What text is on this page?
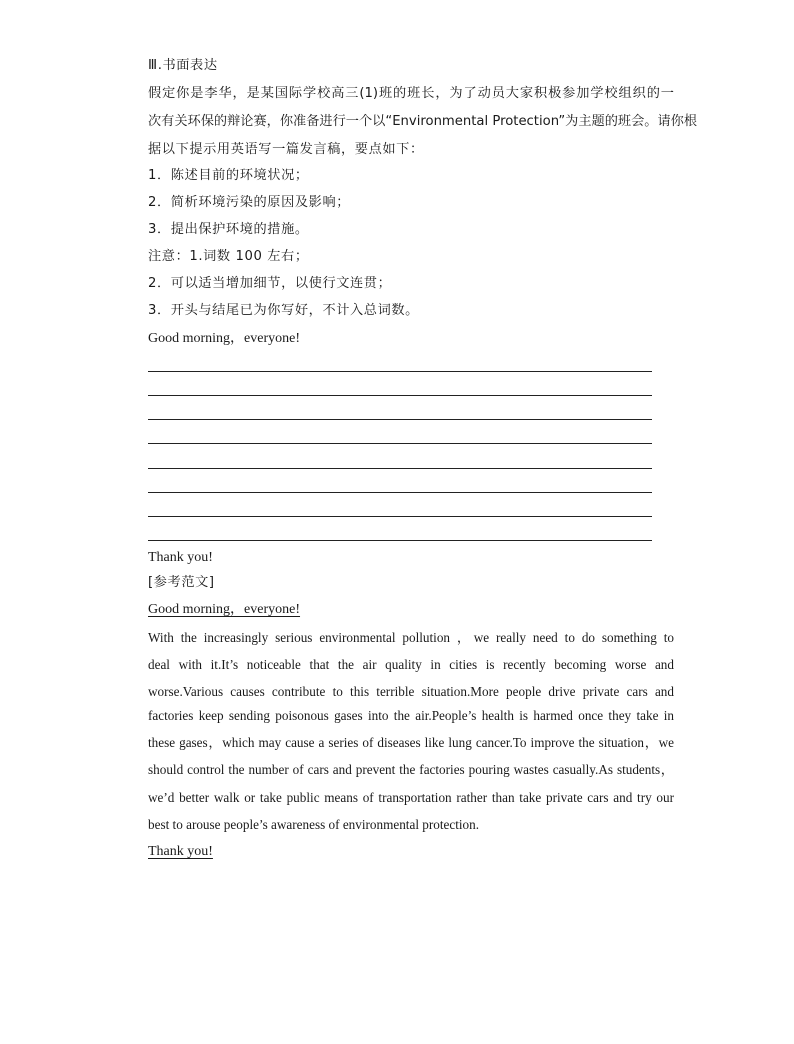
Ⅲ.书面表达
假定你是李华，是某国际学校高三(1)班的班长，为了动员大家积极参加学校组织的一
次有关环保的辩论赛，你准备进行一个以“Environmental Protection”为主题的班会。请你根
据以下提示用英语写一篇发言稿，要点如下：
1．陈述目前的环境状况；
2．简析环境污染的原因及影响；
3．提出保护环境的措施。
注意：1.词数 100 左右；
2．可以适当增加细节，以使行文连贯；
3．开头与结尾已为你写好，不计入总词数。
Good morning，everyone!
Thank you!
[参考范文]
Good morning，everyone!
With the increasingly serious environmental pollution ，we really need to do something to
deal with it.It’s noticeable that the air quality in cities is recently becoming worse and
worse.Various causes contribute to this terrible situation.More people drive private cars and
factories keep sending poisonous gases into the air.People’s health is harmed once they take in
these gases，which may cause a series of diseases like lung cancer.To improve the situation，we
should control the number of cars and prevent the factories pouring wastes casually.As students，
we’d better walk or take public means of transportation rather than take private cars and try our
best to arouse people’s awareness of environmental protection.
Thank you!
